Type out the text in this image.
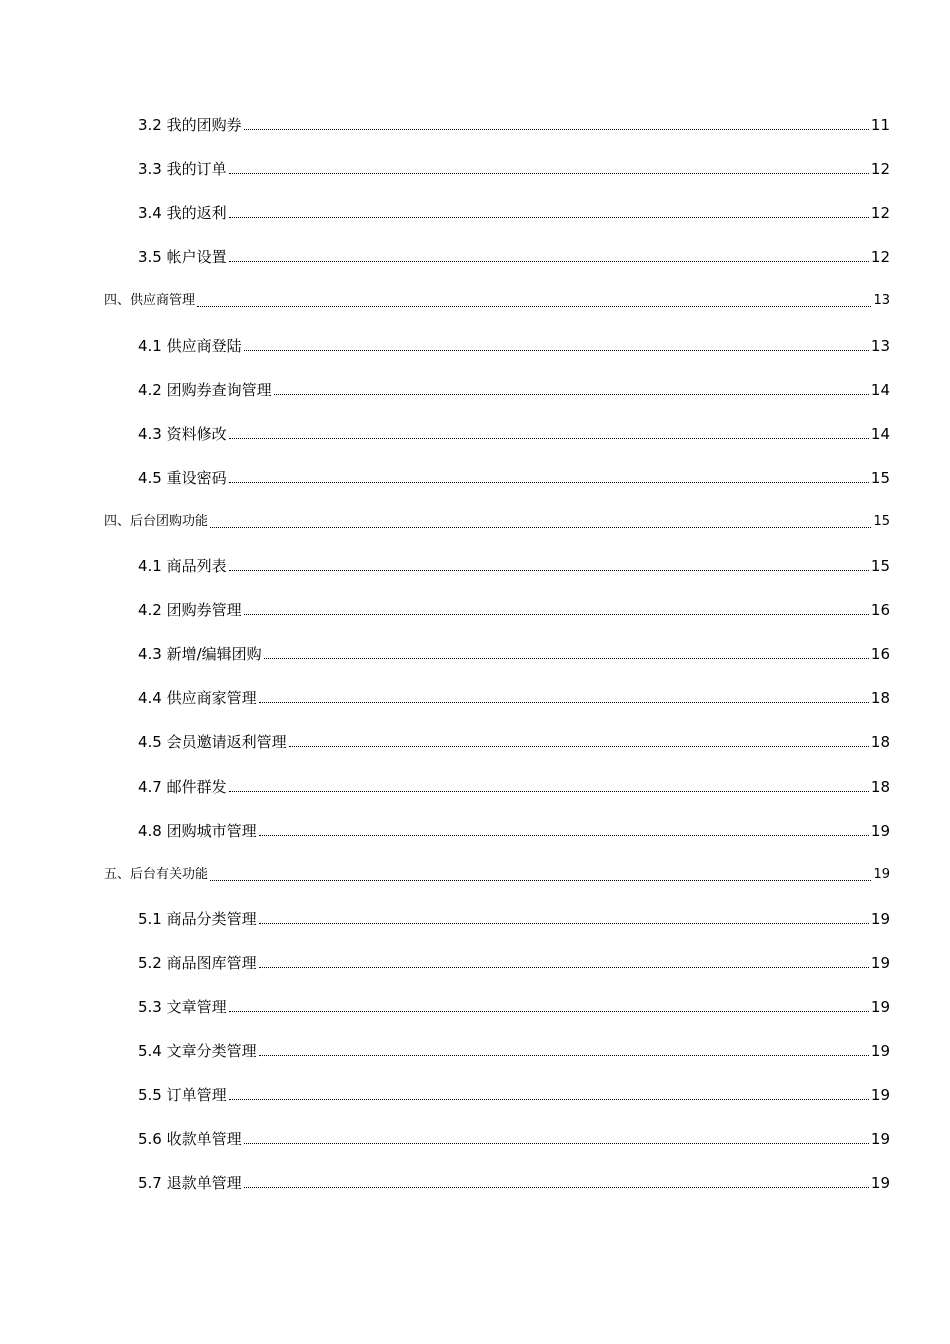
3.2 我的团购券	11
3.3 我的订单	12
3.4 我的返利	12
3.5 帐户设置	12
四、供应商管理	13
4.1 供应商登陆	13
4.2 团购券查询管理	14
4.3 资料修改	14
4.5 重设密码	15
四、后台团购功能	15
4.1 商品列表	15
4.2 团购券管理	16
4.3 新增/编辑团购	16
4.4 供应商家管理	18
4.5 会员邀请返利管理	18
4.7 邮件群发	18
4.8 团购城市管理	19
五、后台有关功能	19
5.1 商品分类管理	19
5.2 商品图库管理	19
5.3 文章管理	19
5.4 文章分类管理	19
5.5 订单管理	19
5.6 收款单管理	19
5.7 退款单管理	19
